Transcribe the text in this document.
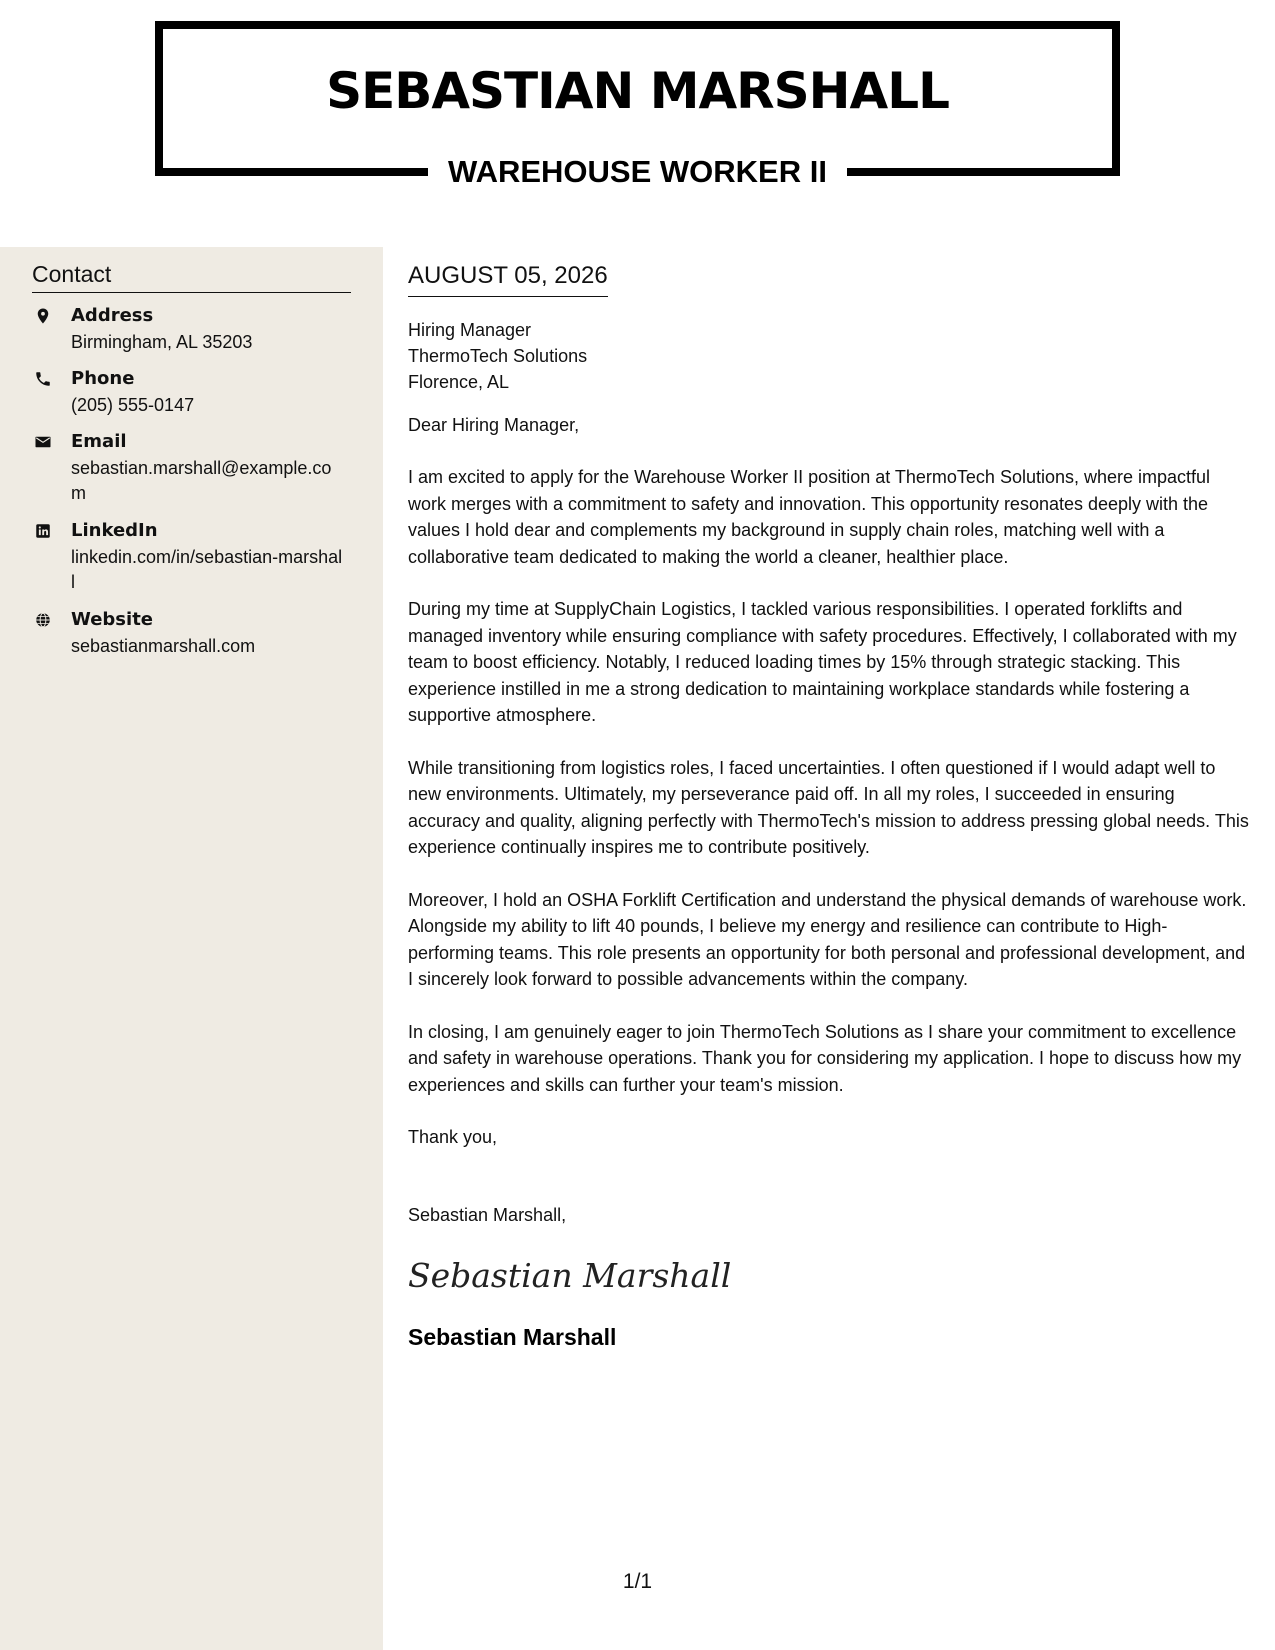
SEBASTIAN MARSHALL
WAREHOUSE WORKER II
Contact
Address
Birmingham, AL 35203
Phone
(205) 555-0147
Email
sebastian.marshall@example.com
LinkedIn
linkedin.com/in/sebastian-marshall
Website
sebastianmarshall.com
AUGUST 05, 2026
Hiring Manager
ThermoTech Solutions
Florence, AL
Dear Hiring Manager,

I am excited to apply for the Warehouse Worker II position at ThermoTech Solutions, where impactful work merges with a commitment to safety and innovation. This opportunity resonates deeply with the values I hold dear and complements my background in supply chain roles, matching well with a collaborative team dedicated to making the world a cleaner, healthier place.

During my time at SupplyChain Logistics, I tackled various responsibilities. I operated forklifts and managed inventory while ensuring compliance with safety procedures. Effectively, I collaborated with my team to boost efficiency. Notably, I reduced loading times by 15% through strategic stacking. This experience instilled in me a strong dedication to maintaining workplace standards while fostering a supportive atmosphere.

While transitioning from logistics roles, I faced uncertainties. I often questioned if I would adapt well to new environments. Ultimately, my perseverance paid off. In all my roles, I succeeded in ensuring accuracy and quality, aligning perfectly with ThermoTech's mission to address pressing global needs. This experience continually inspires me to contribute positively.

Moreover, I hold an OSHA Forklift Certification and understand the physical demands of warehouse work. Alongside my ability to lift 40 pounds, I believe my energy and resilience can contribute to High-performing teams. This role presents an opportunity for both personal and professional development, and I sincerely look forward to possible advancements within the company.

In closing, I am genuinely eager to join ThermoTech Solutions as I share your commitment to excellence and safety in warehouse operations. Thank you for considering my application. I hope to discuss how my experiences and skills can further your team's mission.

Thank you,
Sebastian Marshall,
Sebastian Marshall
Sebastian Marshall
1/1
